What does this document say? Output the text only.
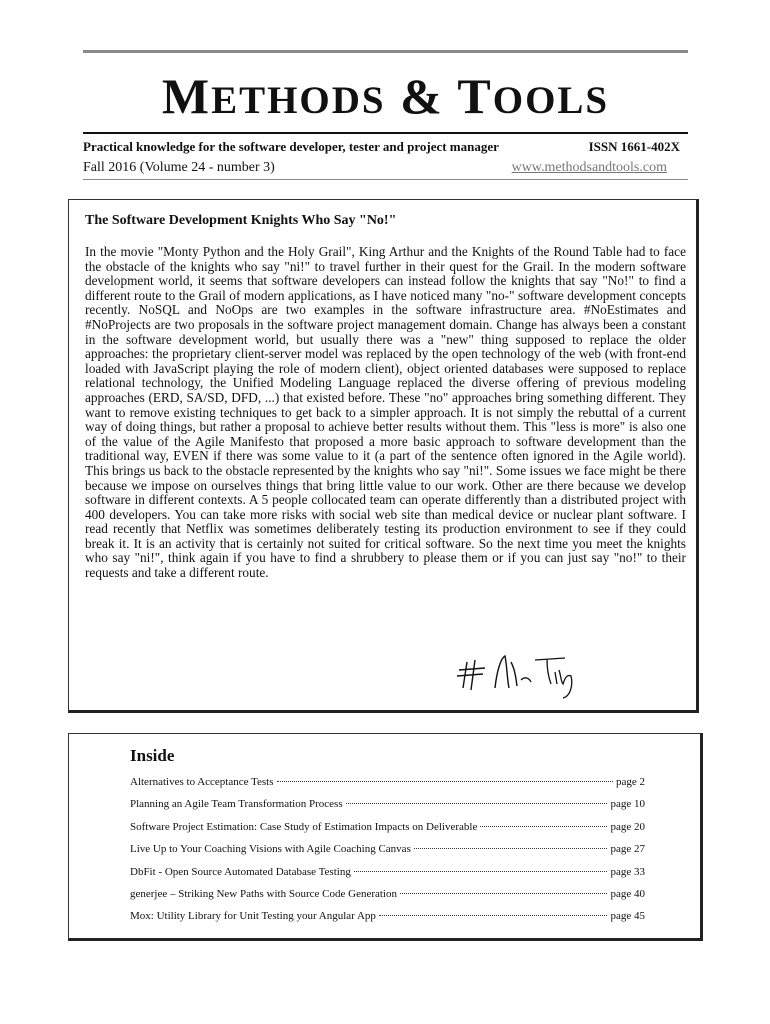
METHODS & TOOLS
Practical knowledge for the software developer, tester and project manager	ISSN 1661-402X
Fall 2016 (Volume 24 - number 3)	www.methodsandtools.com
The Software Development Knights Who Say "No!"
In the movie "Monty Python and the Holy Grail", King Arthur and the Knights of the Round Table had to face the obstacle of the knights who say "ni!" to travel further in their quest for the Grail. In the modern software development world, it seems that software developers can instead follow the knights that say "No!" to find a different route to the Grail of modern applications, as I have noticed many "no-" software development concepts recently. NoSQL and NoOps are two examples in the software infrastructure area. #NoEstimates and #NoProjects are two proposals in the software project management domain. Change has always been a constant in the software development world, but usually there was a "new" thing supposed to replace the older approaches: the proprietary client-server model was replaced by the open technology of the web (with front-end loaded with JavaScript playing the role of modern client), object oriented databases were supposed to replace relational technology, the Unified Modeling Language replaced the diverse offering of previous modeling approaches (ERD, SA/SD, DFD, ...) that existed before. These "no" approaches bring something different. They want to remove existing techniques to get back to a simpler approach. It is not simply the rebuttal of a current way of doing things, but rather a proposal to achieve better results without them. This "less is more" is also one of the value of the Agile Manifesto that proposed a more basic approach to software development than the traditional way, EVEN if there was some value to it (a part of the sentence often ignored in the Agile world). This brings us back to the obstacle represented by the knights who say "ni!". Some issues we face might be there because we impose on ourselves things that bring little value to our work. Other are there because we develop software in different contexts. A 5 people collocated team can operate differently than a distributed project with 400 developers. You can take more risks with social web site than medical device or nuclear plant software. I read recently that Netflix was sometimes deliberately testing its production environment to see if they could break it. It is an activity that is certainly not suited for critical software. So the next time you meet the knights who say "ni!", think again if you have to find a shrubbery to please them or if you can just say "no!" to their requests and take a different route.
Inside
Alternatives to Acceptance Tests	page 2
Planning an Agile Team Transformation Process	page 10
Software Project Estimation: Case Study of Estimation Impacts on Deliverable	page 20
Live Up to Your Coaching Visions with Agile Coaching Canvas	page 27
DbFit - Open Source Automated Database Testing	page 33
generjee – Striking New Paths with Source Code Generation	page 40
Mox: Utility Library for Unit Testing your Angular App	page 45
